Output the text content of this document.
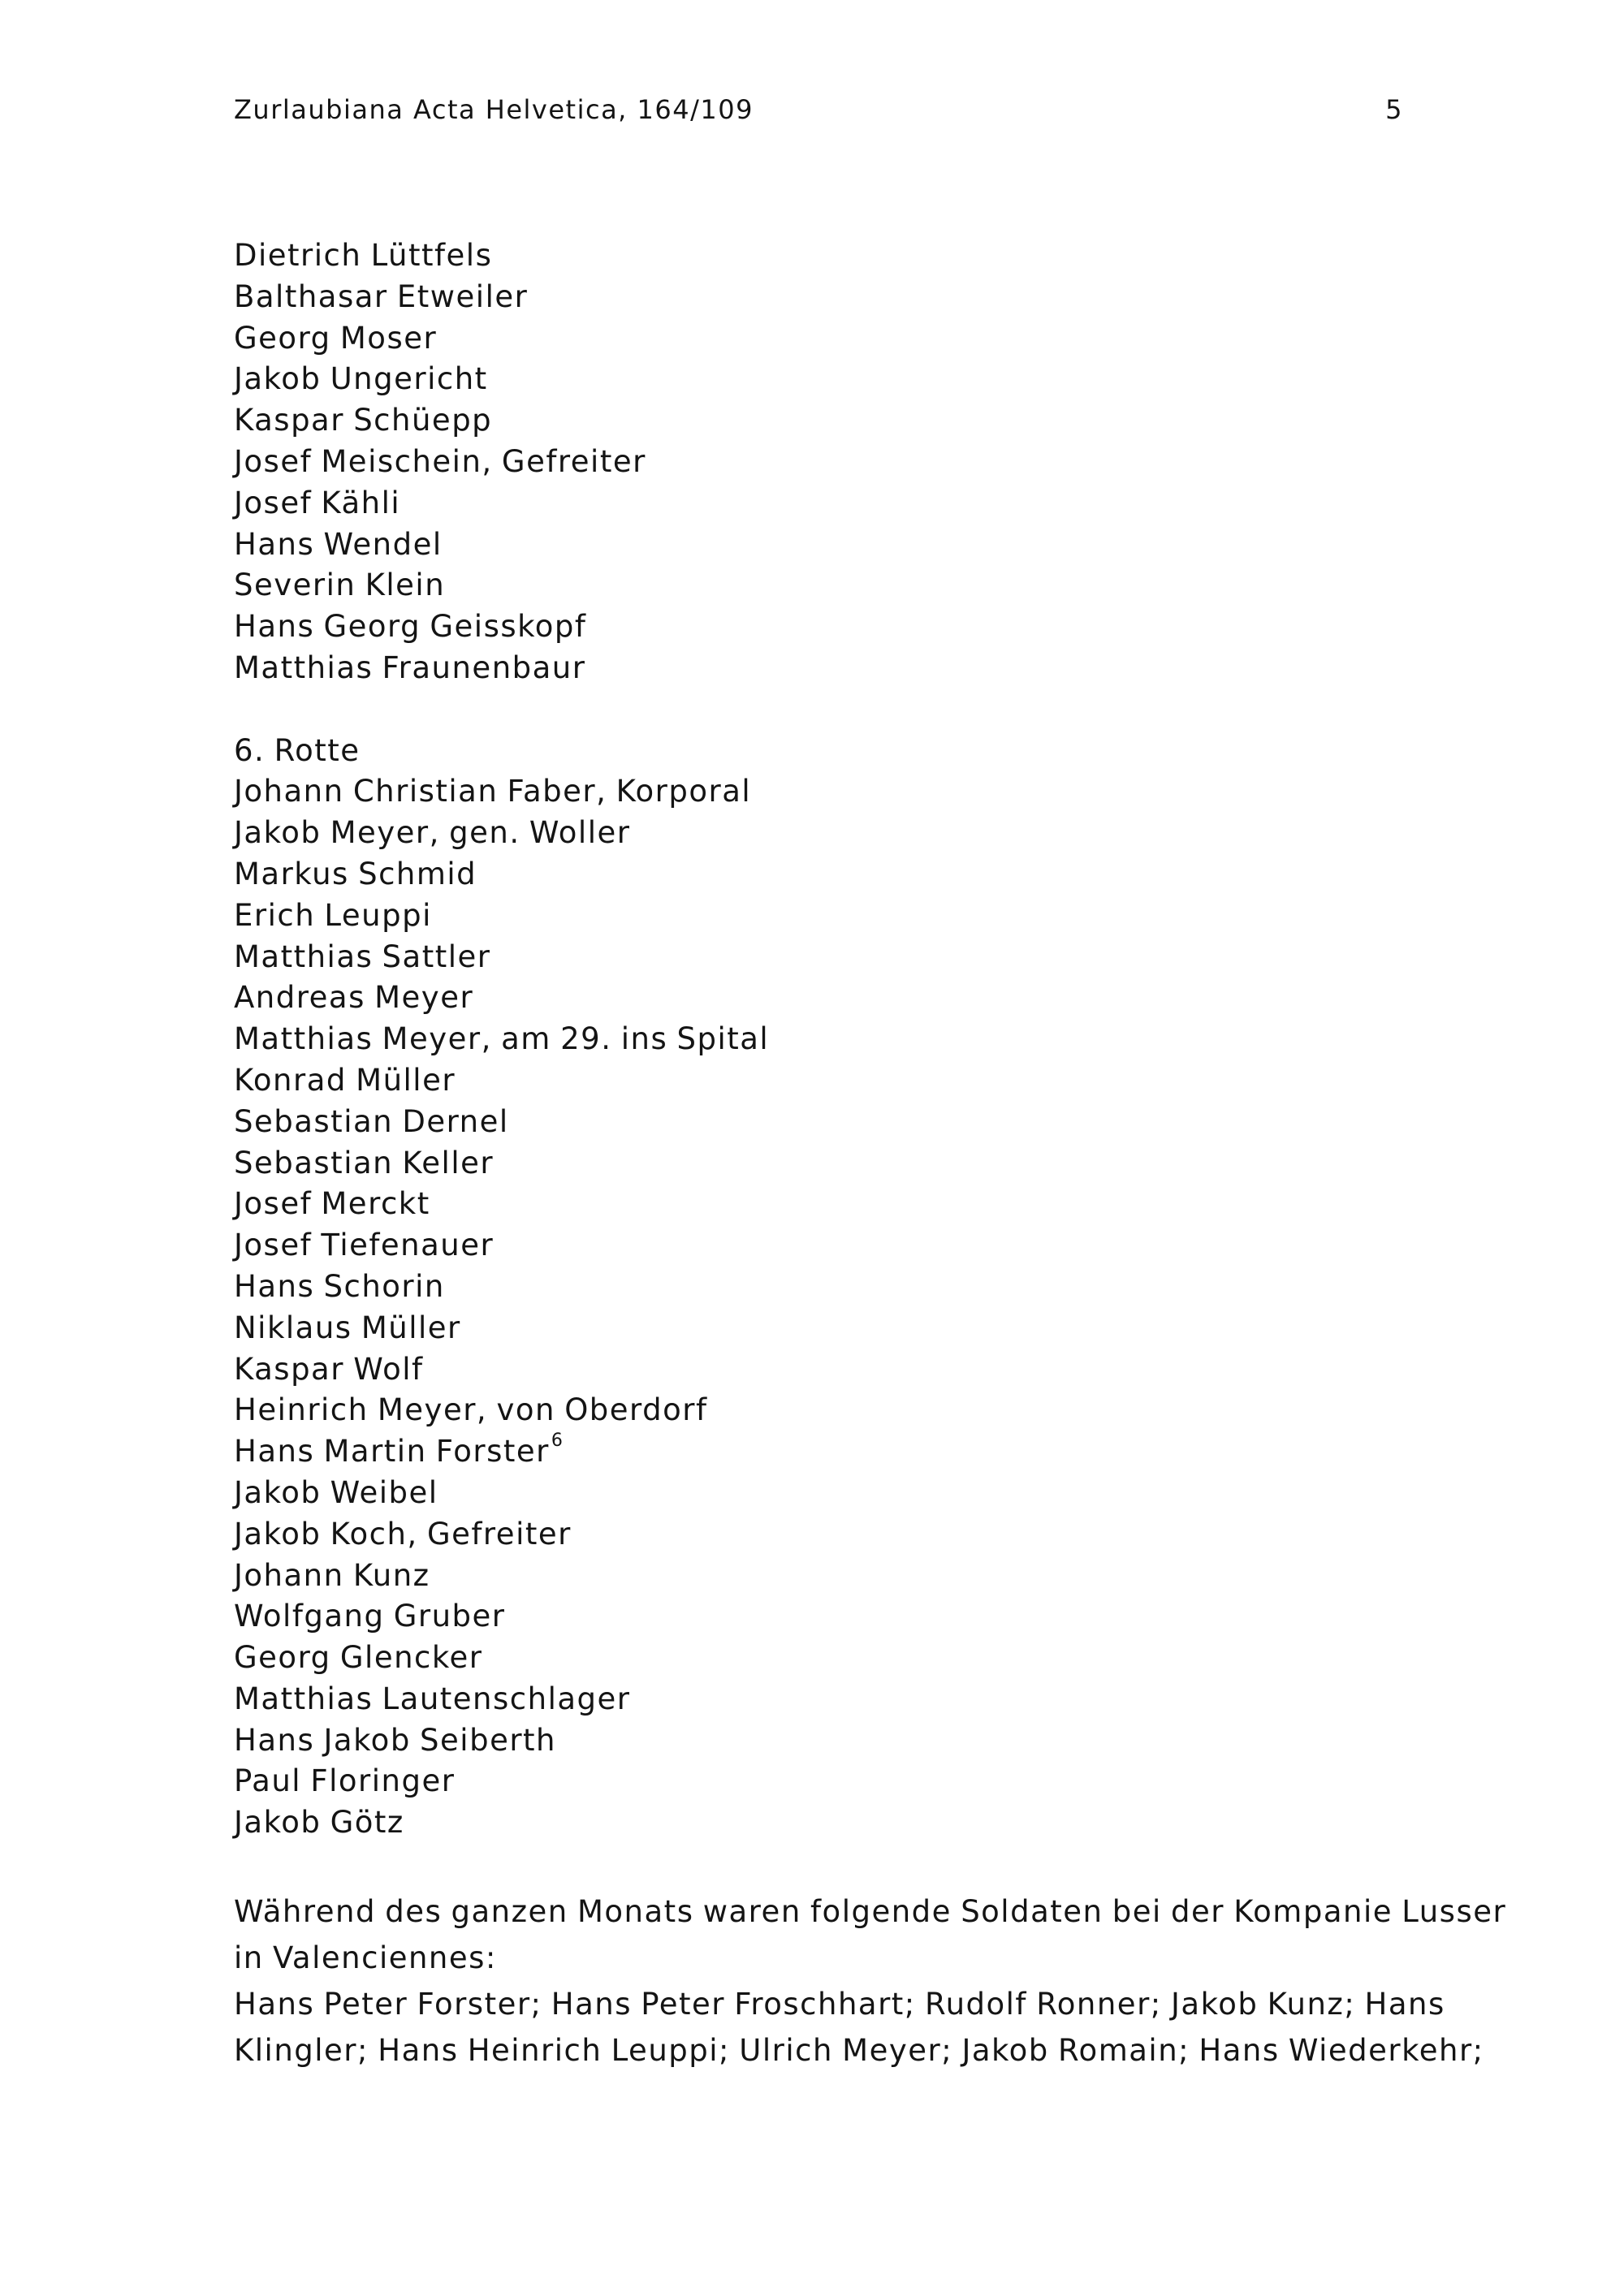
Zurlaubiana Acta Helvetica, 164/109	5
Dietrich Lüttfels
Balthasar Etweiler
Georg Moser
Jakob Ungericht
Kaspar Schüepp
Josef Meischein, Gefreiter
Josef Kähli
Hans Wendel
Severin Klein
Hans Georg Geisskopf
Matthias Fraunenbaur
6. Rotte
Johann Christian Faber, Korporal
Jakob Meyer, gen. Woller
Markus Schmid
Erich Leuppi
Matthias Sattler
Andreas Meyer
Matthias Meyer, am 29. ins Spital
Konrad Müller
Sebastian Dernel
Sebastian Keller
Josef Merckt
Josef Tiefenauer
Hans Schorin
Niklaus Müller
Kaspar Wolf
Heinrich Meyer, von Oberdorf
Hans Martin Forster$^6$
Jakob Weibel
Jakob Koch, Gefreiter
Johann Kunz
Wolfgang Gruber
Georg Glencker
Matthias Lautenschlager
Hans Jakob Seiberth
Paul Floringer
Jakob Götz

Während des ganzen Monats waren folgende Soldaten bei der Kompanie Lusser

in Valenciennes:

Hans Peter Forster; Hans Peter Froschhart; Rudolf Ronner; Jakob Kunz; Hans

Klingler; Hans Heinrich Leuppi; Ulrich Meyer; Jakob Romain; Hans Wiederkehr;
